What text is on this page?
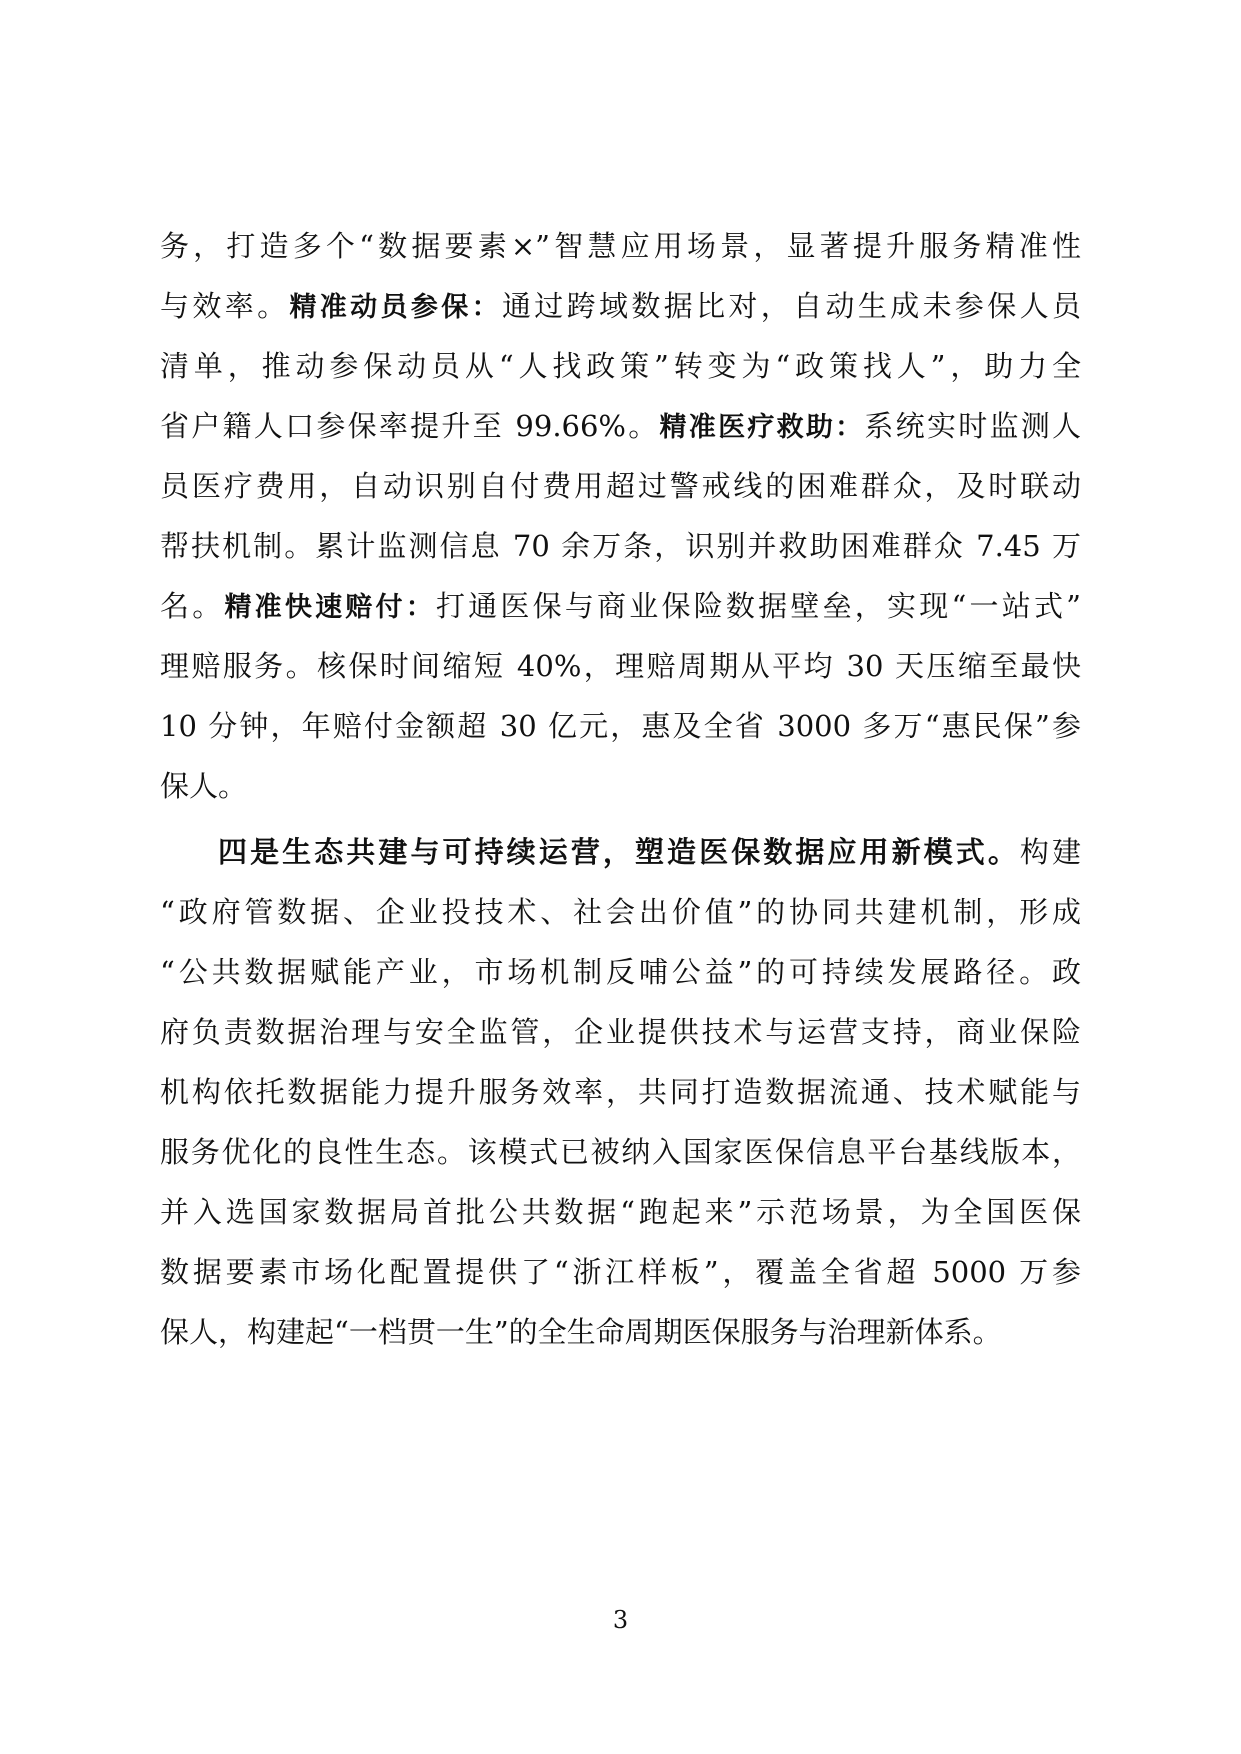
务，打造多个“数据要素×”智慧应用场景，显著提升服务精准性
与效率。精准动员参保：通过跨域数据比对，自动生成未参保人员
清单，推动参保动员从“人找政策”转变为“政策找人”，助力全
省户籍人口参保率提升至 99.66%。精准医疗救助：系统实时监测人
员医疗费用，自动识别自付费用超过警戒线的困难群众，及时联动
帮扶机制。累计监测信息 70 余万条，识别并救助困难群众 7.45 万
名。精准快速赔付：打通医保与商业保险数据壁垒，实现“一站式”
理赔服务。核保时间缩短 40%，理赔周期从平均 30 天压缩至最快
10 分钟，年赔付金额超 30 亿元，惠及全省 3000 多万“惠民保”参
保人。
四是生态共建与可持续运营，塑造医保数据应用新模式。构建
“政府管数据、企业投技术、社会出价值”的协同共建机制，形成
“公共数据赋能产业，市场机制反哺公益”的可持续发展路径。政
府负责数据治理与安全监管，企业提供技术与运营支持，商业保险
机构依托数据能力提升服务效率，共同打造数据流通、技术赋能与
服务优化的良性生态。该模式已被纳入国家医保信息平台基线版本，
并入选国家数据局首批公共数据“跑起来”示范场景，为全国医保
数据要素市场化配置提供了“浙江样板”，覆盖全省超 5000 万参
保人，构建起“一档贯一生”的全生命周期医保服务与治理新体系。
3
